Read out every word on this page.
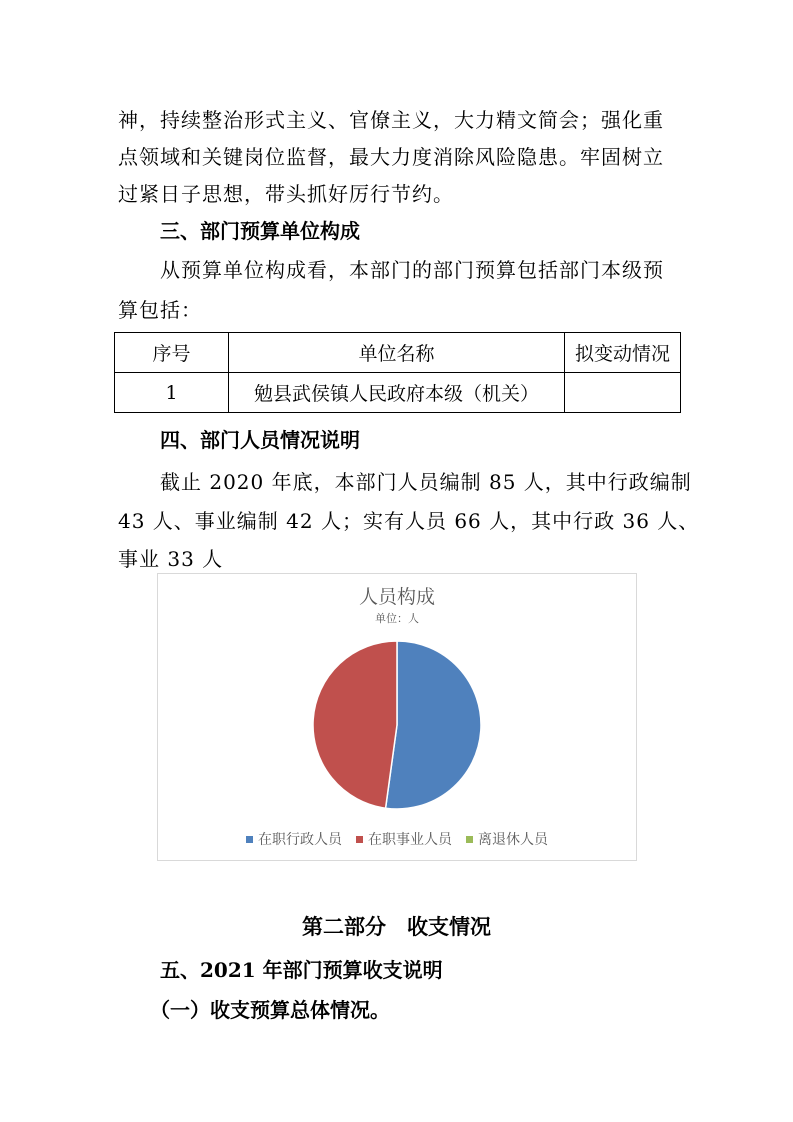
神，持续整治形式主义、官僚主义，大力精文简会；强化重

点领域和关键岗位监督，最大力度消除风险隐患。牢固树立

过紧日子思想，带头抓好厉行节约。

三、部门预算单位构成

从预算单位构成看，本部门的部门预算包括部门本级预

算包括：

序号	单位名称	拟变动情况
1	勉县武侯镇人民政府本级（机关）	

四、部门人员情况说明

截止 2020 年底，本部门人员编制 85 人，其中行政编制

43 人、事业编制 42 人；实有人员 66 人，其中行政 36 人、

事业 33 人

人员构成
单位：人
在职行政人员 在职事业人员 离退休人员

第二部分　收支情况

五、2021 年部门预算收支说明

（一）收支预算总体情况。
